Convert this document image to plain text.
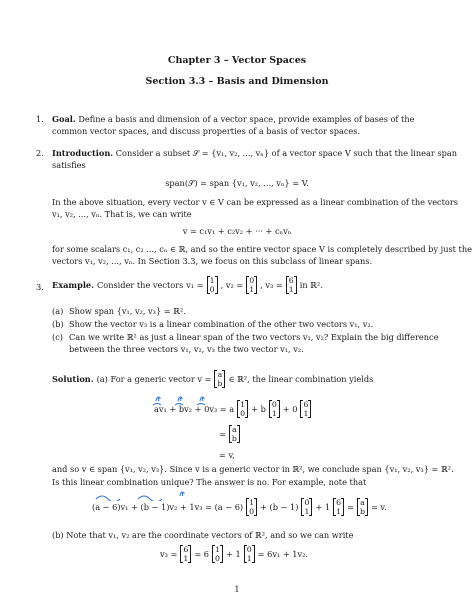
Chapter 3 – Vector Spaces
Section 3.3 – Basis and Dimension
1. Goal. Define a basis and dimension of a vector space, provide examples of bases of the common vector spaces, and discuss properties of a basis of vector spaces.
2. Introduction. Consider a subset 𝒮 = {v₁, v₂, ..., vₙ} of a vector space V such that the linear span
satisfies
span(𝒮) = span {v₁, v₂, ..., vₙ} = V.
In the above situation, every vector v ∈ V can be expressed as a linear combination of the vectors
v₁, v₂, ..., vₙ. That is, we can write
v = c₁v₁ + c₂v₂ + ··· + cₙvₙ
for some scalars c₁, c₂ ..., cₙ ∈ ℝ, and so the entire vector space V is completely described by just the
vectors v₁, v₂, ..., vₙ. In Section 3.3, we focus on this subclass of linear spans.
3. Example. Consider the vectors v₁ = 1
0 , v₂ = 0
1 , v₃ = 6
1 in ℝ².
(a) Show span {v₁, v₂, v₃} = ℝ².
(b) Show the vector v₃ is a linear combination of the other two vectors v₁, v₂.
(c) Can we write ℝ² as just a linear span of the two vectors v₁, v₂? Explain the big difference between the three vectors v₁, v₂, v₃ the two vector v₁, v₂.
Solution. (a) For a generic vector v = a
b ∈ ℝ², the linear combination yields
av₁ + bv₂ + 0v₃ = a 1
0 + b 0
1 + 0 6
1
= a
b
= v,
and so v ∈ span {v₁, v₂, v₃}. Since v is a generic vector in ℝ², we conclude span {v₁, v₂, v₃} = ℝ².
Is this linear combination unique? The answer is no. For example, note that
(a − 6)v₁ + (b − 1)v₂ + 1v₃ = (a − 6) 1
0 + (b − 1) 0
1 + 1 6
1 = a
b = v.
(b) Note that v₁, v₂ are the coordinate vectors of ℝ², and so we can write
v₃ = 6
1 = 6 1
0 + 1 0
1 = 6v₁ + 1v₂.
1
